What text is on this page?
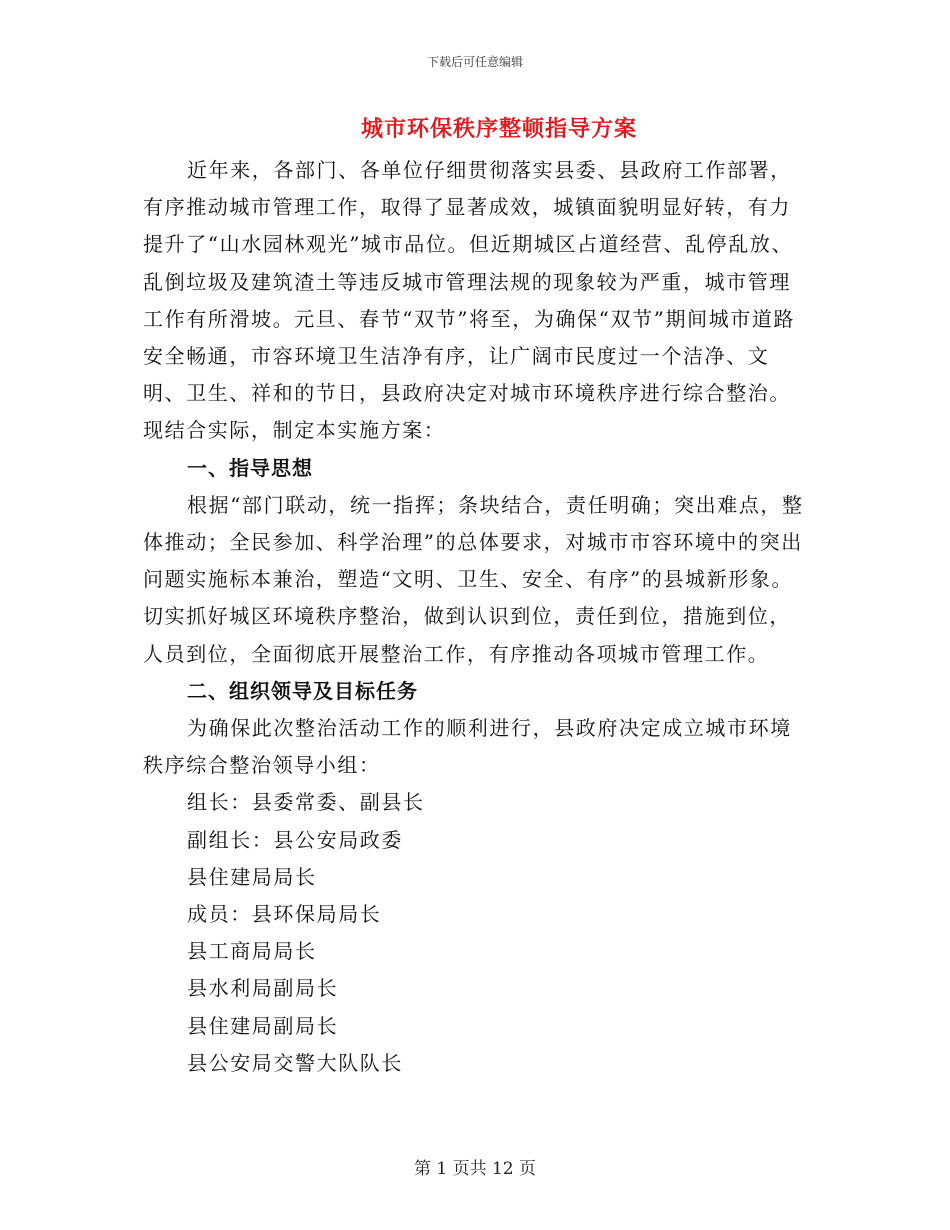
下载后可任意编辑
城市环保秩序整顿指导方案

近年来，各部门、各单位仔细贯彻落实县委、县政府工作部署，有序推动城市管理工作，取得了显著成效，城镇面貌明显好转，有力提升了“山水园林观光”城市品位。但近期城区占道经营、乱停乱放、乱倒垃圾及建筑渣土等违反城市管理法规的现象较为严重，城市管理工作有所滑坡。元旦、春节“双节”将至，为确保“双节”期间城市道路安全畅通，市容环境卫生洁净有序，让广阔市民度过一个洁净、文明、卫生、祥和的节日，县政府决定对城市环境秩序进行综合整治。现结合实际，制定本实施方案：

一、指导思想

根据“部门联动，统一指挥；条块结合，责任明确；突出难点，整体推动；全民参加、科学治理”的总体要求，对城市市容环境中的突出问题实施标本兼治，塑造“文明、卫生、安全、有序”的县城新形象。切实抓好城区环境秩序整治，做到认识到位，责任到位，措施到位，人员到位，全面彻底开展整治工作，有序推动各项城市管理工作。

二、组织领导及目标任务

为确保此次整治活动工作的顺利进行，县政府决定成立城市环境秩序综合整治领导小组：

组长：县委常委、副县长

副组长：县公安局政委

县住建局局长

成员：县环保局局长

县工商局局长

县水利局副局长

县住建局副局长

县公安局交警大队队长

第 1 页共 12 页
